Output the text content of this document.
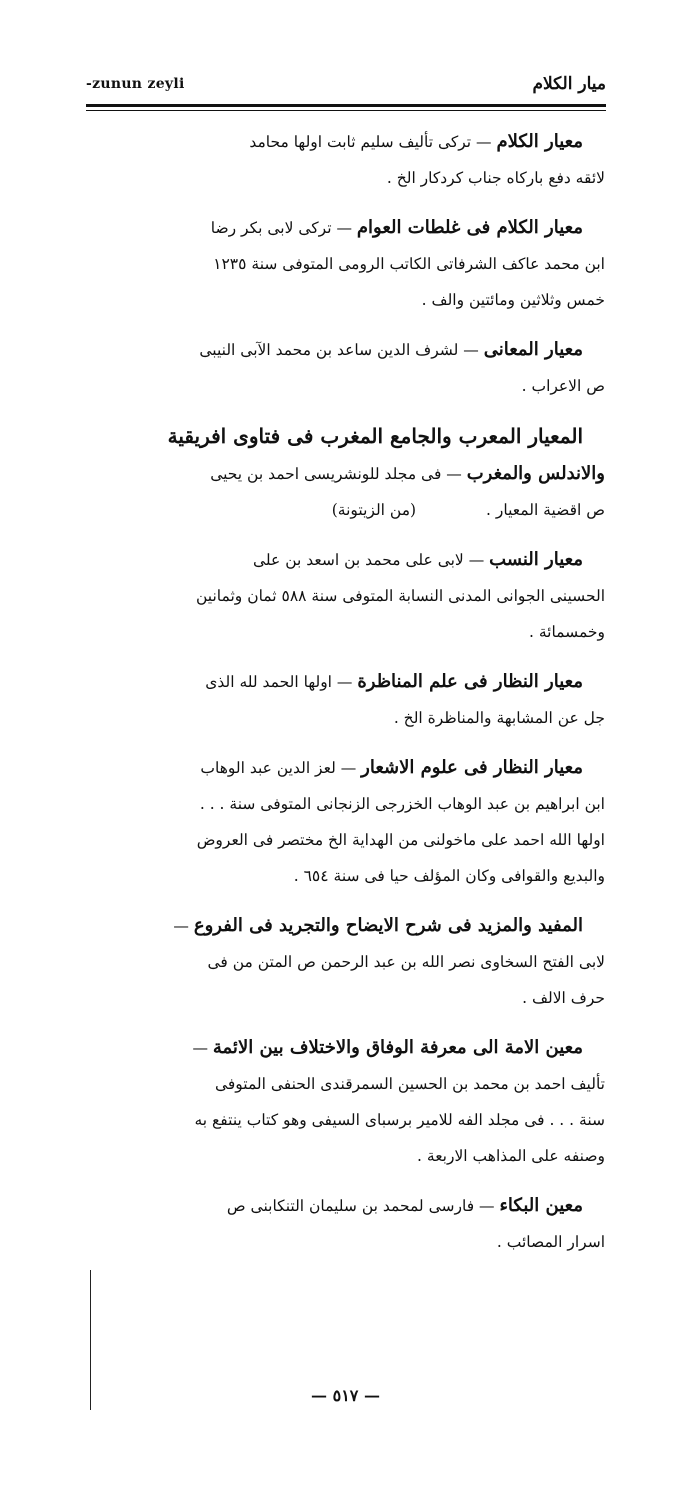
-zunun zeyli	ميار الكلام

معيار الكلام — تركى تأليف سليم ثابت اولها محامد
لائقه دفع باركاه جناب كردكار الخ .

معيار الكلام فى غلطات العوام — تركى لابى بكر رضا
ابن محمد عاكف الشرفاتى الكاتب الرومى المتوفى سنة ١٢٣٥
خمس وثلاثين ومائتين والف .

معيار المعانى — لشرف الدين ساعد بن محمد الآبى النيبى
ص الاعراب .

المعيار المعرب والجامع المغرب فى فتاوى افريقية
والاندلس والمغرب — فى مجلد للونشريسى احمد بن يحيى
ص اقضية المعيار .(من الزيتونة)

معيار النسب — لابى على محمد بن اسعد بن على
الحسينى الجوانى المدنى النسابة المتوفى سنة ٥٨٨ ثمان وثمانين
وخمسمائة .

معيار النظار فى علم المناظرة — اولها الحمد لله الذى
جل عن المشابهة والمناظرة الخ .

معيار النظار فى علوم الاشعار — لعز الدين عبد الوهاب
ابن ابراهيم بن عبد الوهاب الخزرجى الزنجانى المتوفى سنة . . .
اولها الله احمد على ماخولنى من الهداية الخ مختصر فى العروض
والبديع والقوافى وكان المؤلف حيا فى سنة ٦٥٤ .

المفيد والمزيد فى شرح الايضاح والتجريد فى الفروع —
لابى الفتح السخاوى نصر الله بن عبد الرحمن ص المتن من فى
حرف الالف .

معين الامة الى معرفة الوفاق والاختلاف بين الائمة —
تأليف احمد بن محمد بن الحسين السمرقندى الحنفى المتوفى
سنة . . . فى مجلد الفه للامير برسباى السيفى وهو كتاب ينتفع به
وصنفه على المذاهب الاربعة .

معين البكاء — فارسى لمحمد بن سليمان التنكابنى ص
اسرار المصائب .

— ٥١٧ —
